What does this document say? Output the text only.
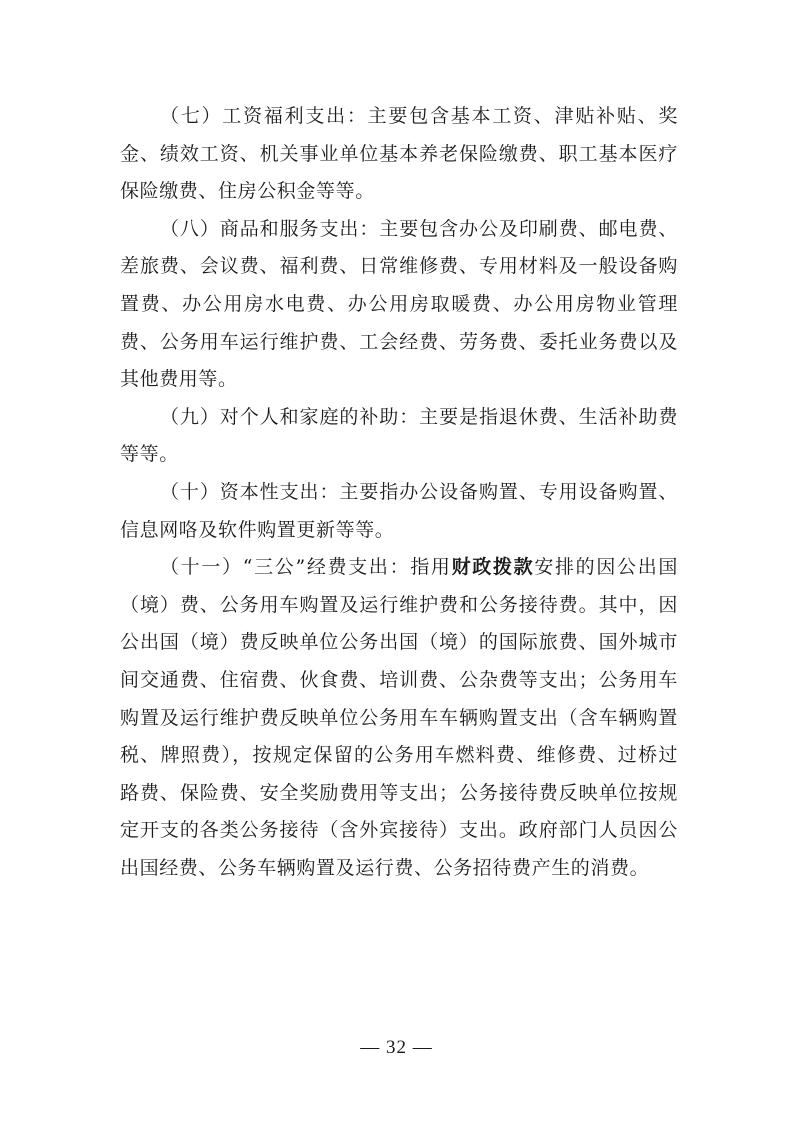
（七）工资福利支出：主要包含基本工资、津贴补贴、奖金、绩效工资、机关事业单位基本养老保险缴费、职工基本医疗保险缴费、住房公积金等等。

（八）商品和服务支出：主要包含办公及印刷费、邮电费、差旅费、会议费、福利费、日常维修费、专用材料及一般设备购置费、办公用房水电费、办公用房取暖费、办公用房物业管理费、公务用车运行维护费、工会经费、劳务费、委托业务费以及其他费用等。

（九）对个人和家庭的补助：主要是指退休费、生活补助费等等。

（十）资本性支出：主要指办公设备购置、专用设备购置、信息网咯及软件购置更新等等。

（十一）“三公”经费支出：指用财政拨款安排的因公出国（境）费、公务用车购置及运行维护费和公务接待费。其中，因公出国（境）费反映单位公务出国（境）的国际旅费、国外城市间交通费、住宿费、伙食费、培训费、公杂费等支出；公务用车购置及运行维护费反映单位公务用车车辆购置支出（含车辆购置税、牌照费），按规定保留的公务用车燃料费、维修费、过桥过路费、保险费、安全奖励费用等支出；公务接待费反映单位按规定开支的各类公务接待（含外宾接待）支出。政府部门人员因公出国经费、公务车辆购置及运行费、公务招待费产生的消费。

— 32 —
